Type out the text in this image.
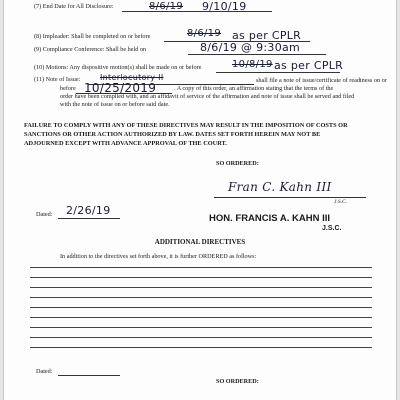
(7) End Date for All Disclosure:	8/6/19 9/10/19
(8) Impleader: Shall be completed on or before	8/6/19 as per CPLR
(9) Compliance Conference: Shall be held on	8/6/19 @ 9:30am
(10) Motions: Any dispositive motion(s) shall be made on or before	10/8/19 as per CPLR
(11) Note of Issue: Interlocutory II	shall file a note of issue/certificate of readiness on or
before 10/25/2019	. A copy of this order, an affirmation stating that the terms of the
order have been complied with, and an affidavit of service of the affirmation and note of issue shall be served and filed
with the note of issue on or before said date.
FAILURE TO COMPLY WITH ANY OF THESE DIRECTIVES MAY RESULT IN THE IMPOSITION OF COSTS OR
SANCTIONS OR OTHER ACTION AUTHORIZED BY LAW. DATES SET FORTH HEREIN MAY NOT BE
ADJOURNED EXCEPT WITH ADVANCE APPROVAL OF THE COURT.
SO ORDERED:
Fran C. Kahn III
J.S.C.
Dated: 2/26/19
HON. FRANCIS A. KAHN III
J.S.C.
ADDITIONAL DIRECTIVES
In addition to the directives set forth above, it is further ORDERED as follows:
Dated:
SO ORDERED:
